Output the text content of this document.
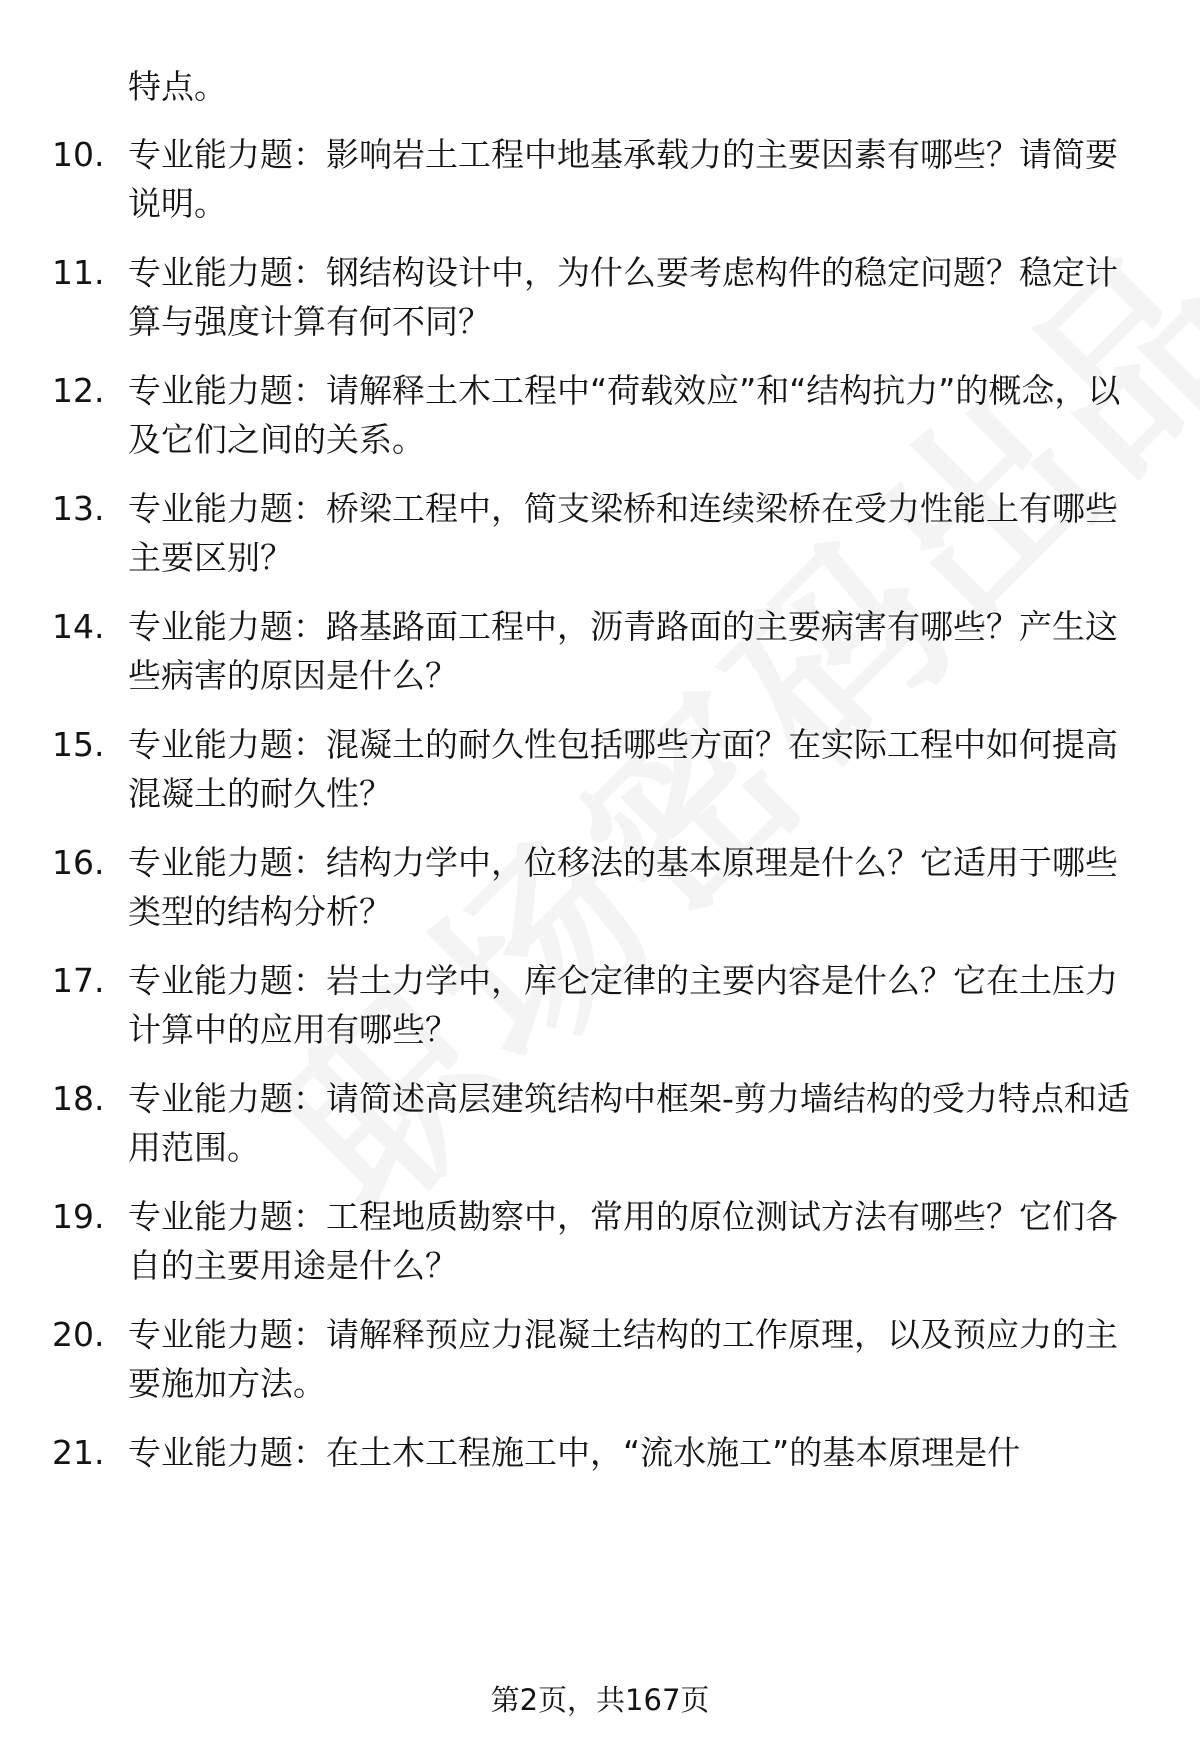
特点。
10. 专业能力题：影响岩土工程中地基承载力的主要因素有哪些？请简要说明。
11. 专业能力题：钢结构设计中，为什么要考虑构件的稳定问题？稳定计算与强度计算有何不同？
12. 专业能力题：请解释土木工程中“荷载效应”和“结构抗力”的概念，以及它们之间的关系。
13. 专业能力题：桥梁工程中，简支梁桥和连续梁桥在受力性能上有哪些主要区别？
14. 专业能力题：路基路面工程中，沥青路面的主要病害有哪些？产生这些病害的原因是什么？
15. 专业能力题：混凝土的耐久性包括哪些方面？在实际工程中如何提高混凝土的耐久性？
16. 专业能力题：结构力学中，位移法的基本原理是什么？它适用于哪些类型的结构分析？
17. 专业能力题：岩土力学中，库仑定律的主要内容是什么？它在土压力计算中的应用有哪些？
18. 专业能力题：请简述高层建筑结构中框架-剪力墙结构的受力特点和适用范围。
19. 专业能力题：工程地质勘察中，常用的原位测试方法有哪些？它们各自的主要用途是什么？
20. 专业能力题：请解释预应力混凝土结构的工作原理，以及预应力的主要施加方法。
21. 专业能力题：在土木工程施工中，“流水施工”的基本原理是什
第2页，共167页
